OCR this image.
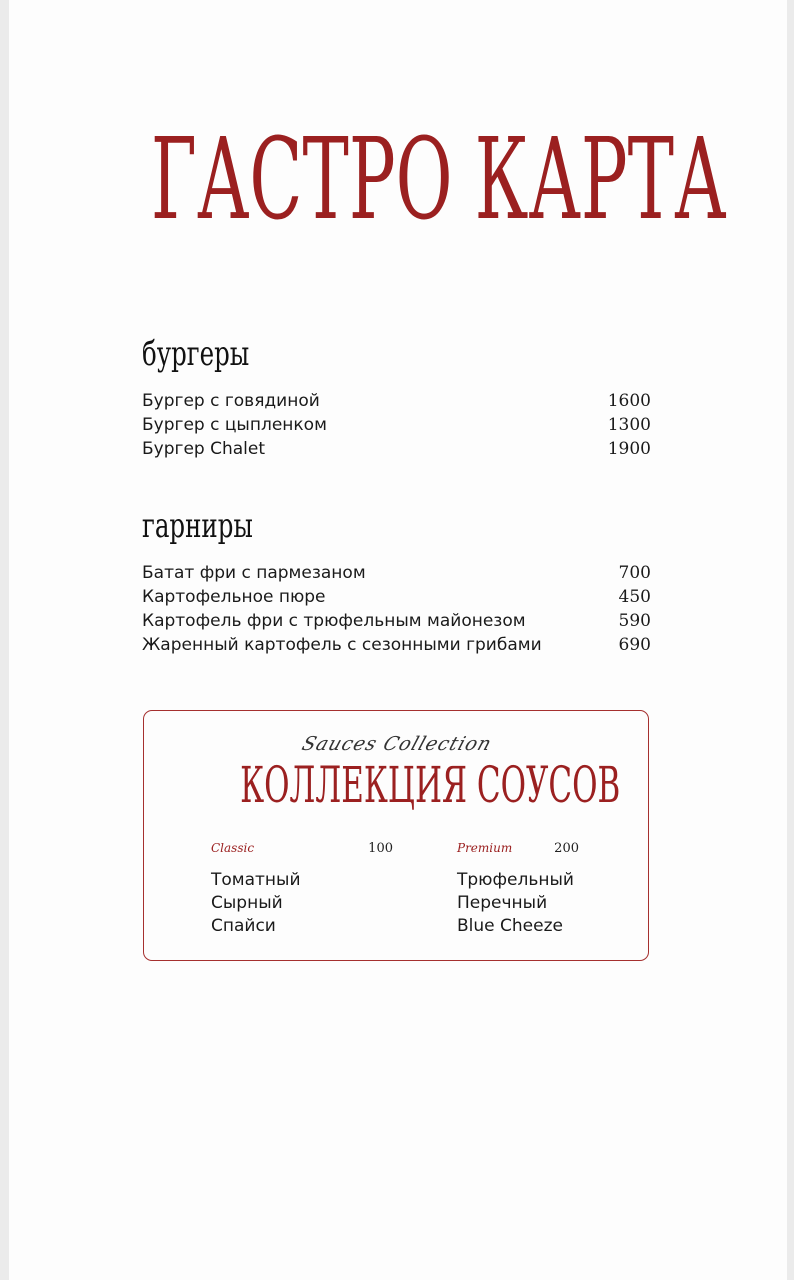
ГАСТРО КАРТА
бургеры
Бургер с говядиной	1600
Бургер с цыпленком	1300
Бургер Chalet	1900
гарниры
Батат фри с пармезаном	700
Картофельное пюре	450
Картофель фри с трюфельным майонезом	590
Жаренный картофель с сезонными грибами	690
Sauces Collection
КОЛЛЕКЦИЯ СОУСОВ
Classic	100
Томатный
Сырный
Спайси
Premium	200
Трюфельный
Перечный
Blue Cheeze
